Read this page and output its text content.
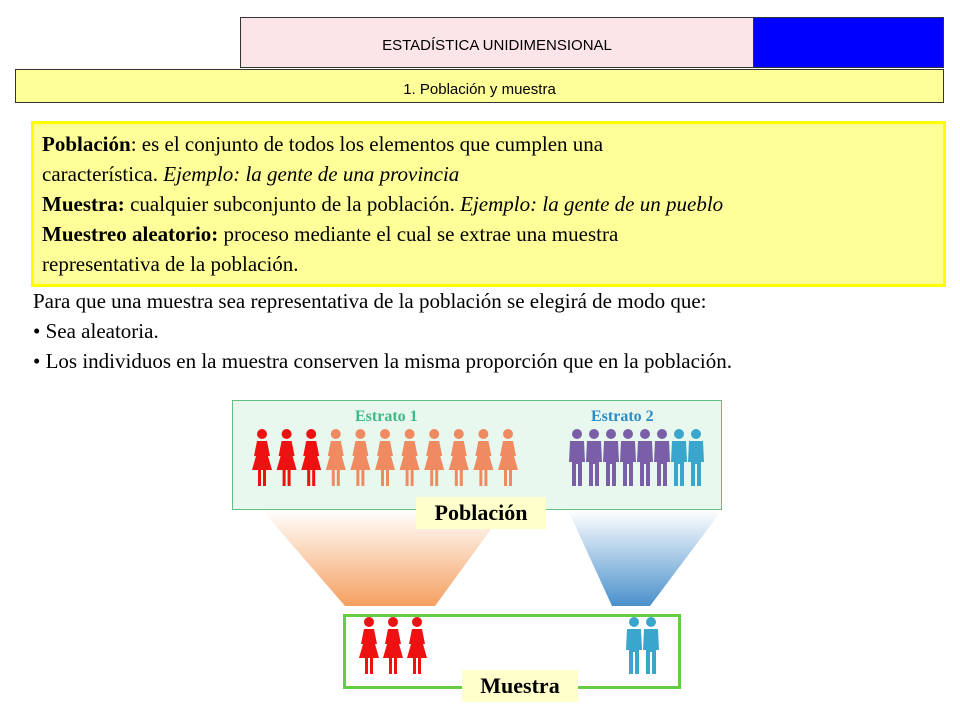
ESTADÍSTICA UNIDIMENSIONAL
1. Población y muestra
Población: es el conjunto de todos los elementos que cumplen una
característica. Ejemplo: la gente de una provincia
Muestra: cualquier subconjunto de la población. Ejemplo: la gente de un pueblo
Muestreo aleatorio: proceso mediante el cual se extrae una muestra
representativa de la población.
Para que una muestra sea representativa de la población se elegirá de modo que:
• Sea aleatoria.
• Los individuos en la muestra conserven la misma proporción que en la población.
Estrato 1	Estrato 2
Población
Muestra
